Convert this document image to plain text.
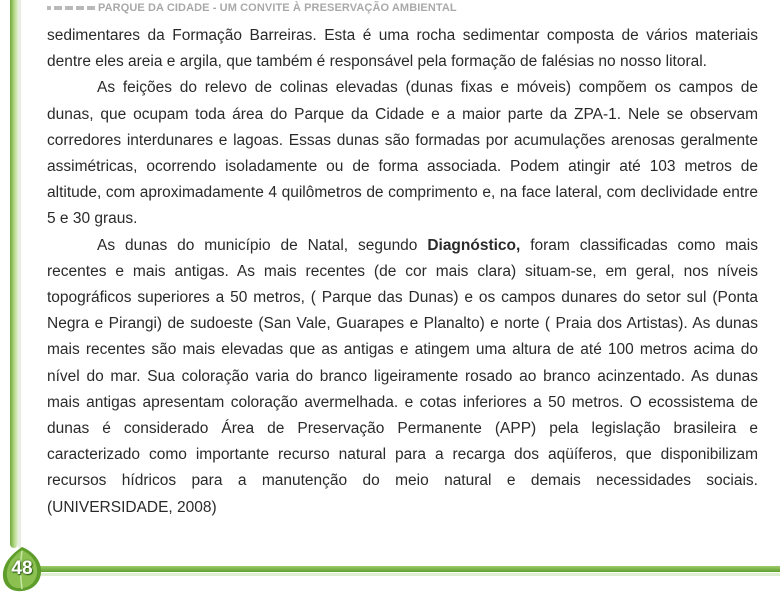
PARQUE DA CIDADE - UM CONVITE À PRESERVAÇÃO AMBIENTAL

sedimentares da Formação Barreiras. Esta é uma rocha sedimentar composta de vários materiais dentre eles areia e argila, que também é responsável pela formação de falésias no nosso litoral.

As feições do relevo de colinas elevadas (dunas fixas e móveis) compõem os campos de dunas, que ocupam toda área do Parque da Cidade e a maior parte da ZPA-1. Nele se observam corredores interdunares e lagoas. Essas dunas são formadas por acumulações arenosas geralmente assimétricas, ocorrendo isoladamente ou de forma associada. Podem atingir até 103 metros de altitude, com aproximadamente 4 quilômetros de comprimento e, na face lateral, com declividade entre 5 e 30 graus.

As dunas do município de Natal, segundo Diagnóstico, foram classificadas como mais recentes e mais antigas. As mais recentes (de cor mais clara) situam-se, em geral, nos níveis topográficos superiores a 50 metros, ( Parque das Dunas) e os campos dunares do setor sul (Ponta Negra e Pirangi) de sudoeste (San Vale, Guarapes e Planalto) e norte ( Praia dos Artistas). As dunas mais recentes são mais elevadas que as antigas e atingem uma altura de até 100 metros acima do nível do mar. Sua coloração varia do branco ligeiramente rosado ao branco acinzentado. As dunas mais antigas apresentam coloração avermelhada. e cotas inferiores a 50 metros. O ecossistema de dunas é considerado Área de Preservação Permanente (APP) pela legislação brasileira e caracterizado como importante recurso natural para a recarga dos aqüíferos, que disponibilizam recursos hídricos para a manutenção do meio natural e demais necessidades sociais. (UNIVERSIDADE, 2008)

48
